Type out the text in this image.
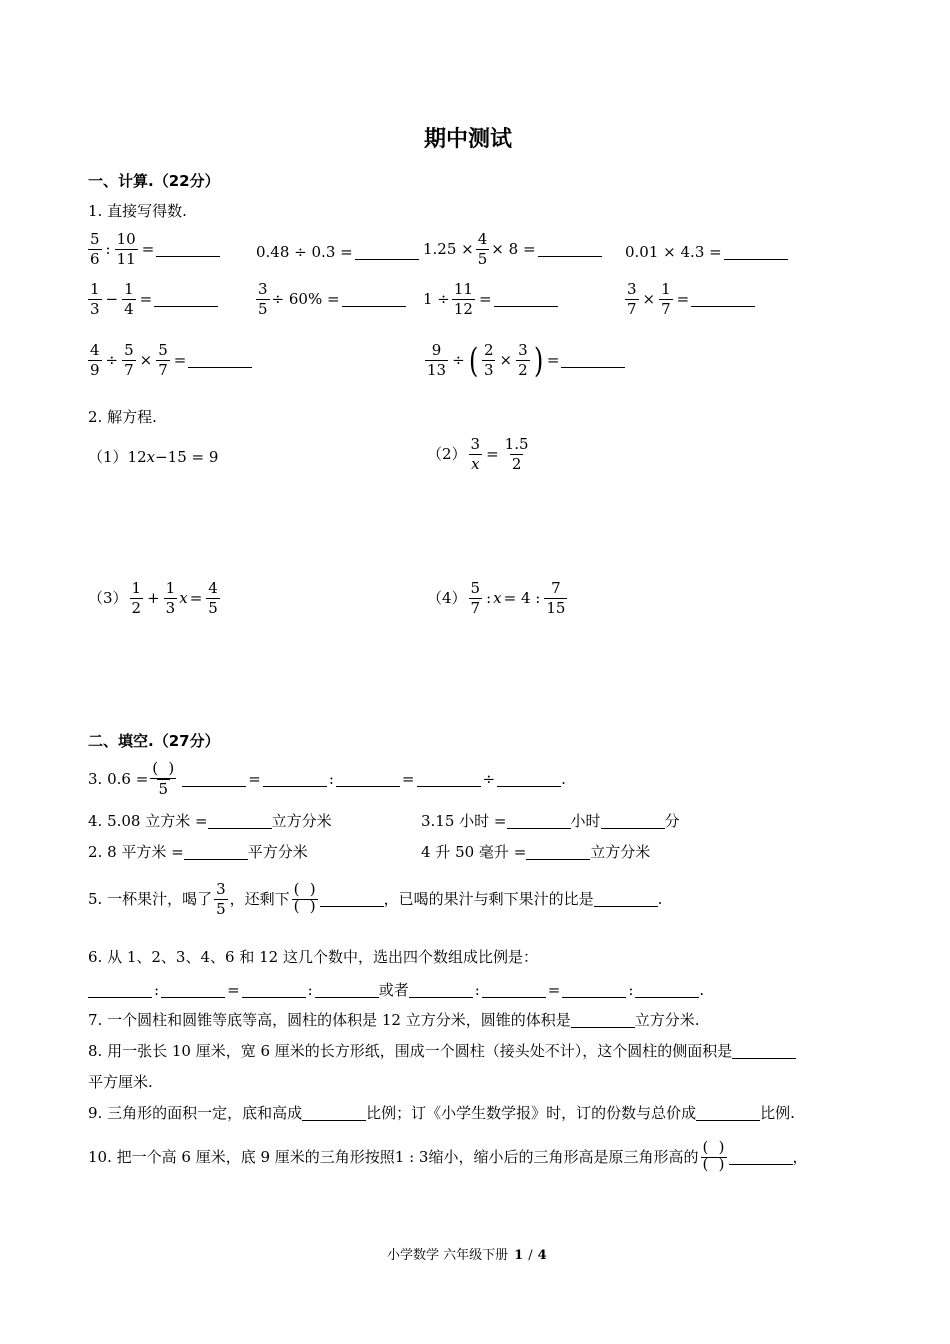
期中测试
一、计算.（22分）
1. 直接写得数.
$\frac{5}{6}$ : $\frac{10}{11}$ =	0.48 ÷ 0.3 =	$1.25 \times \frac{4}{5} \times 8$ =	0.01 × 4.3 =
$\frac{1}{3} - \frac{1}{4}$ =	$\frac{3}{5} \div 60\%$ =	$1 \div \frac{11}{12}$ =	$\frac{3}{7} \times \frac{1}{7}$ =
$\frac{4}{9} \div \frac{5}{7} \times \frac{5}{7}$ =	$\frac{9}{13}$ ÷ ( $\frac{2}{3} \times \frac{3}{2}$ ) =
2. 解方程.
（1） 12 x −15 = 9	$(2) \frac{3}{x} = \frac{1.5}{2}$
$(3) \frac{1}{2} + \frac{1}{3}$ $x = \frac{4}{5}$	$(4) \frac{5}{7}$ : x = 4 : $\frac{7}{15}$
二、填空.（27分）
3. 0.6 =
( )
5
=	:	=	÷	.
4. 5.08 立方米 =	立方分米	3.15 小时 =	小时	分
2. 8 平方米 =	平方分米	4 升 50 毫升 =	立方分米
5. 一杯果汁，喝了 $\frac{3}{5}$ ，还剩下 ( ) ( )	，已喝的果汁与剩下果汁的比是	.
6. 从 1、2、3、4、6 和 12 这几个数中，选出四个数组成比例是：
:	=	:	或者	:	=	:	.
7. 一个圆柱和圆锥等底等高，圆柱的体积是 12 立方分米，圆锥的体积是	立方分米.
8. 用一张长 10 厘米，宽 6 厘米的长方形纸，围成一个圆柱（接头处不计），这个圆柱的侧面积是
平方厘米.
9. 三角形的面积一定，底和高成	比例；订《小学生数学报》时，订的份数与总价成	比例.
10. 把一个高 6 厘米，底 9 厘米的三角形按照 1 : 3 缩小，缩小后的三角形高是原三角形高的 ( ) ( )	，
小学数学 六年级下册 1 / 4
